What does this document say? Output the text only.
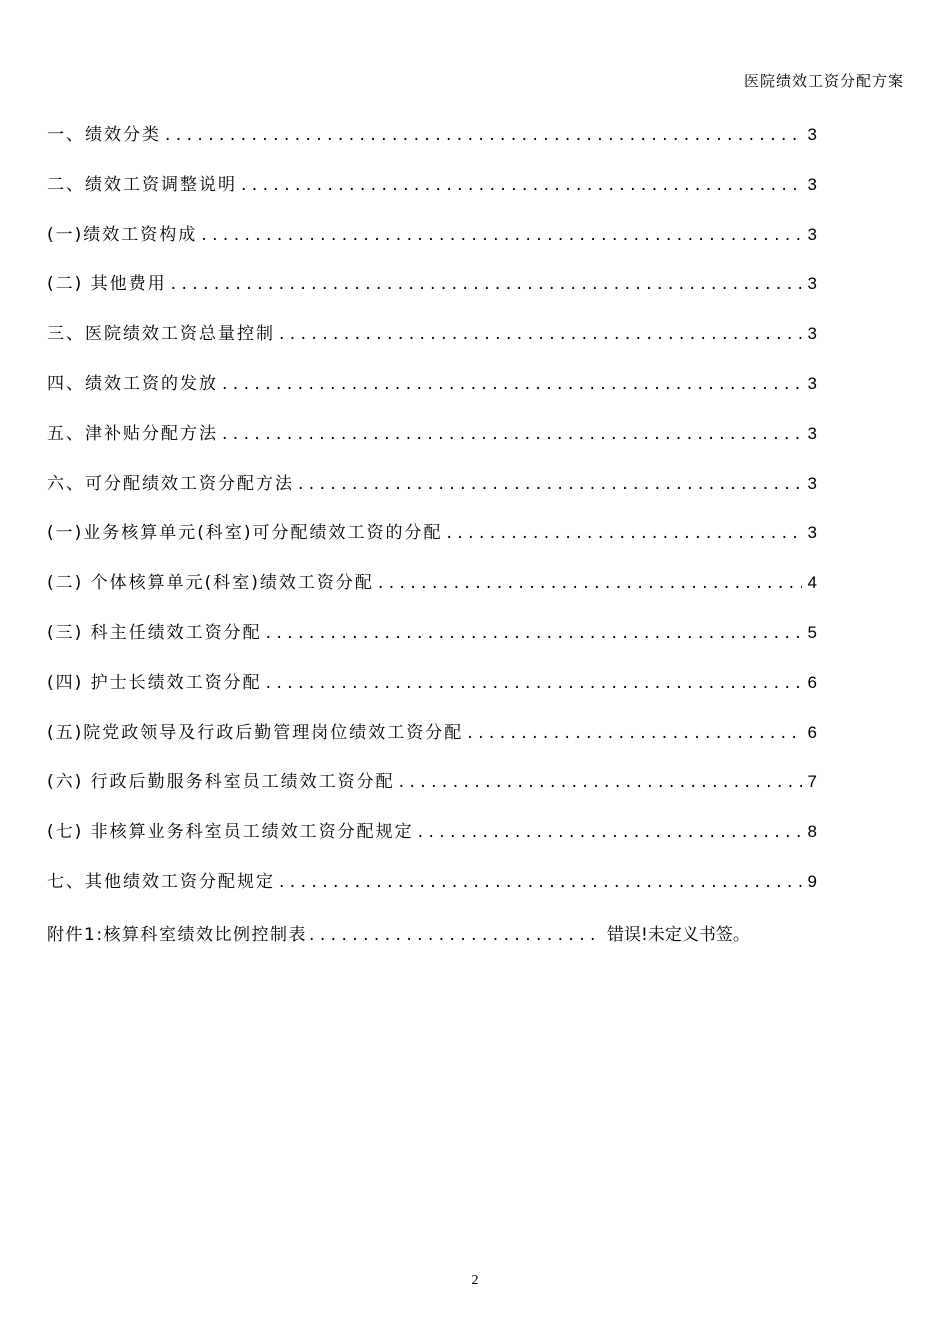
医院绩效工资分配方案
一、绩效分类 . . .	3
二、绩效工资调整说明 . . .	3
(一)绩效工资构成 . . .	3
(二) 其他费用 . . .	3
三、医院绩效工资总量控制 . . .	3
四、绩效工资的发放 . . .	3
五、津补贴分配方法 . . .	3
六、可分配绩效工资分配方法 . . .	3
(一)业务核算单元(科室)可分配绩效工资的分配 . . .	3
(二) 个体核算单元(科室)绩效工资分配 . . .	4
(三) 科主任绩效工资分配 . . .	5
(四) 护士长绩效工资分配 . . .	6
(五)院党政领导及行政后勤管理岗位绩效工资分配 . . .	6
(六) 行政后勤服务科室员工绩效工资分配 . . .	7
(七) 非核算业务科室员工绩效工资分配规定 . . .	8
七、其他绩效工资分配规定 . . .	9
附件1:核算科室绩效比例控制表 . . .	错误!未定义书签。
2
